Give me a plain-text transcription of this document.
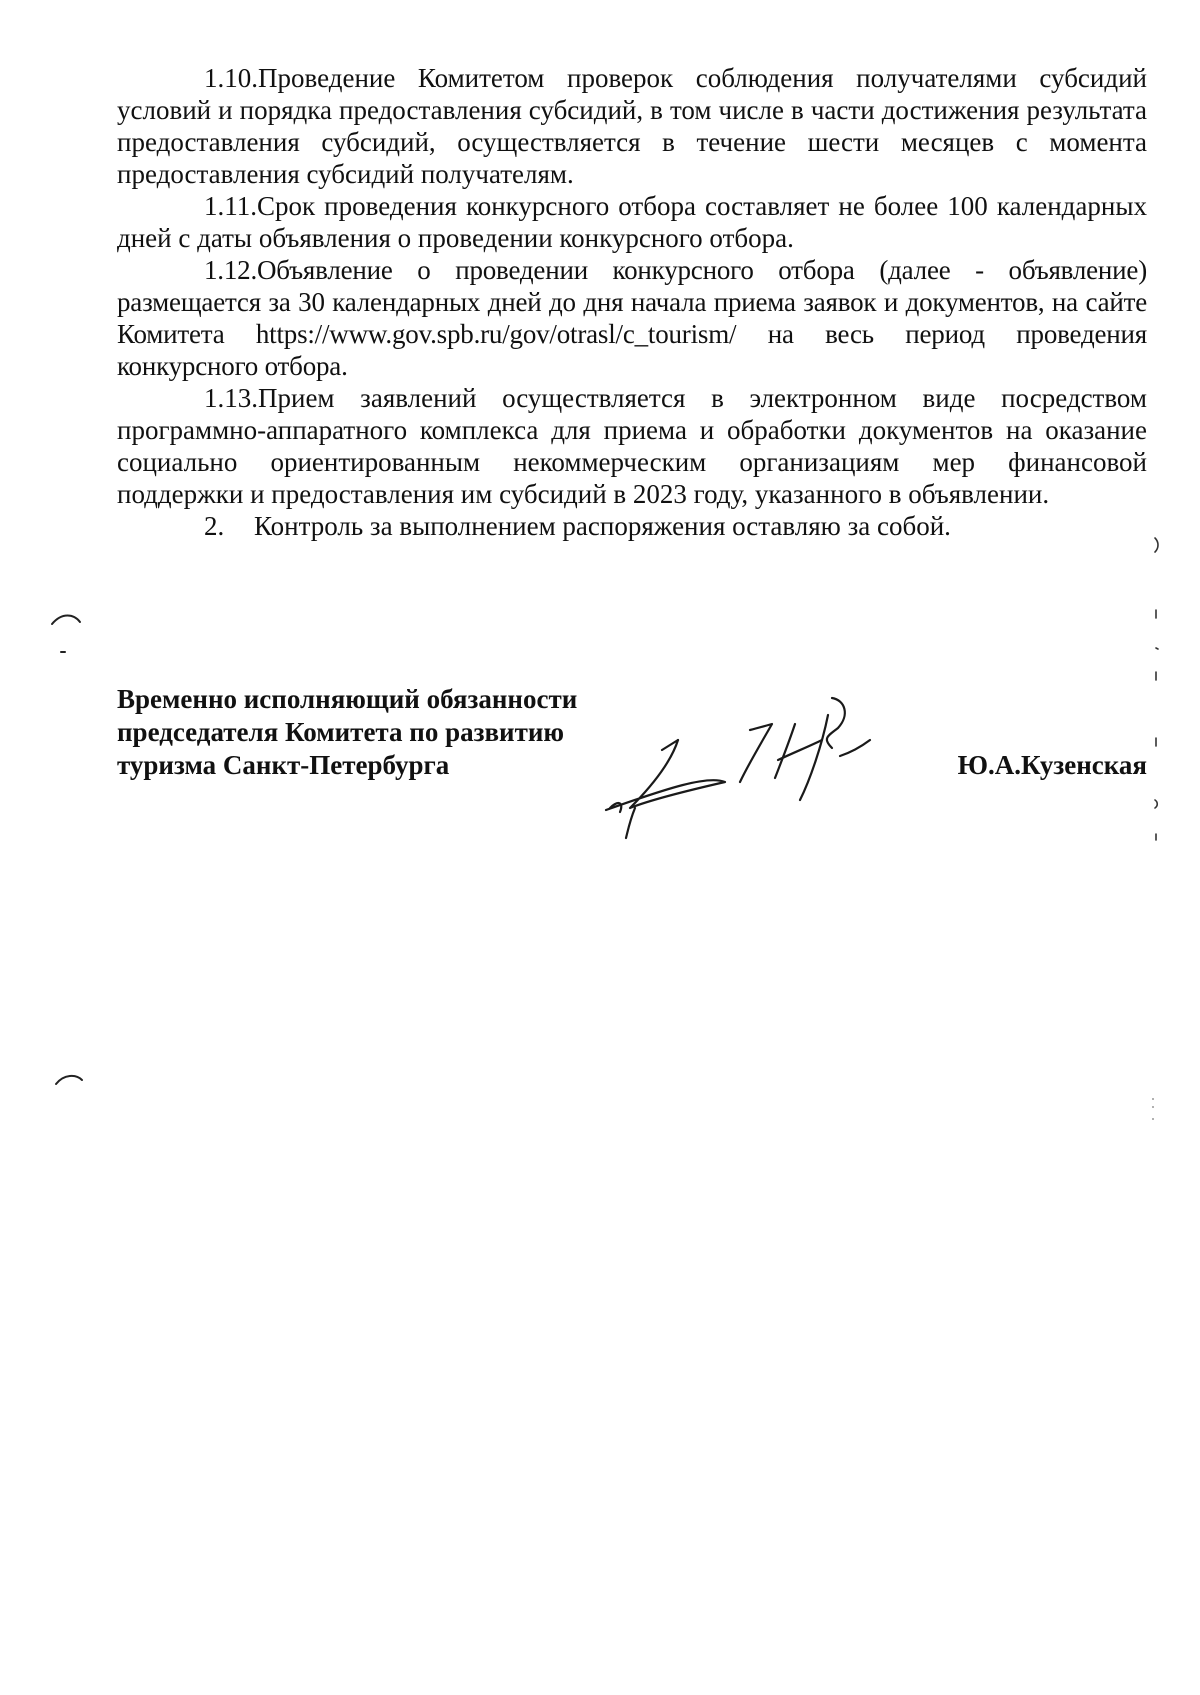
1.10.Проведение Комитетом проверок соблюдения получателями субсидий условий и порядка предоставления субсидий, в том числе в части достижения результата предоставления субсидий, осуществляется в течение шести месяцев с момента предоставления субсидий получателям.

1.11.Срок проведения конкурсного отбора составляет не более 100 календарных дней с даты объявления о проведении конкурсного отбора.

1.12.Объявление о проведении конкурсного отбора (далее - объявление) размещается за 30 календарных дней до дня начала приема заявок и документов, на сайте Комитета https://www.gov.spb.ru/gov/otrasl/c_tourism/ на весь период проведения конкурсного отбора.

1.13.Прием заявлений осуществляется в электронном виде посредством программно-аппаратного комплекса для приема и обработки документов на оказание социально ориентированным некоммерческим организациям мер финансовой поддержки и предоставления им субсидий в 2023 году, указанного в объявлении.

2. Контроль за выполнением распоряжения оставляю за собой.

Временно исполняющий обязанности
председателя Комитета по развитию
туризма Санкт-Петербурга	Ю.А.Кузенская
